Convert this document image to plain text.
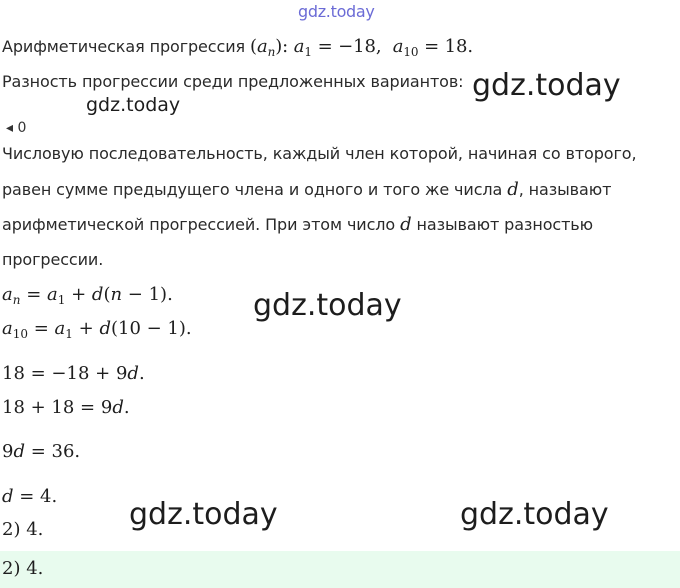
gdz.today
Арифметическая прогрессия $(a_n)$: $a_1 = -18$,  $a_{10} = 18$.
Разность прогрессии среди предложенных вариантов: gdz.today
gdz.today
◂ 0
Числовую последовательность, каждый член которой, начиная со второго,
равен сумме предыдущего члена и одного и того же числа d, называют
арифметической прогрессией. При этом число d называют разностью
прогрессии.
$a_n = a_1 + d(n - 1)$.
$a_{10} = a_1 + d(10 - 1)$.
gdz.today
18 = −18 + 9d.
18 + 18 = 9d.
9d = 36.
d = 4.
2) 4.	gdz.today	gdz.today
2) 4.
